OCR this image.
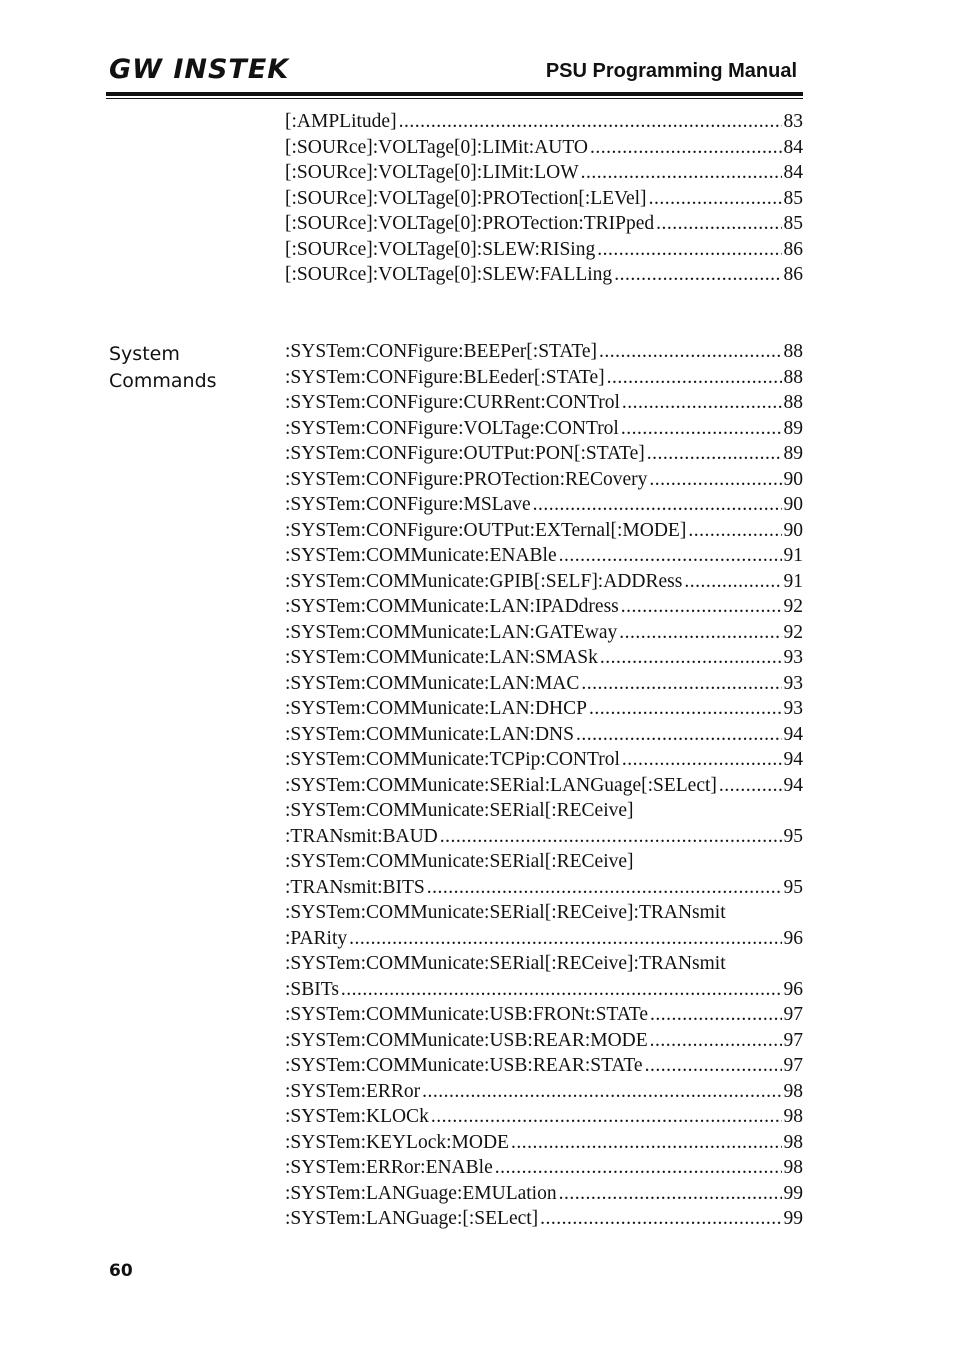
GW INSTEK	PSU Programming Manual
[:AMPLitude] .....	83
[:SOURce]:VOLTage[0]:LIMit:AUTO .....	84
[:SOURce]:VOLTage[0]:LIMit:LOW .....	84
[:SOURce]:VOLTage[0]:PROTection[:LEVel] .....	85
[:SOURce]:VOLTage[0]:PROTection:TRIPped .....	85
[:SOURce]:VOLTage[0]:SLEW:RISing .....	86
[:SOURce]:VOLTage[0]:SLEW:FALLing .....	86
System
Commands
:SYSTem:CONFigure:BEEPer[:STATe] .....	88
:SYSTem:CONFigure:BLEeder[:STATe] .....	88
:SYSTem:CONFigure:CURRent:CONTrol .....	88
:SYSTem:CONFigure:VOLTage:CONTrol .....	89
:SYSTem:CONFigure:OUTPut:PON[:STATe] .....	89
:SYSTem:CONFigure:PROTection:RECovery .....	90
:SYSTem:CONFigure:MSLave .....	90
:SYSTem:CONFigure:OUTPut:EXTernal[:MODE] .....	90
:SYSTem:COMMunicate:ENABle .....	91
:SYSTem:COMMunicate:GPIB[:SELF]:ADDRess .....	91
:SYSTem:COMMunicate:LAN:IPADdress .....	92
:SYSTem:COMMunicate:LAN:GATEway .....	92
:SYSTem:COMMunicate:LAN:SMASk .....	93
:SYSTem:COMMunicate:LAN:MAC .....	93
:SYSTem:COMMunicate:LAN:DHCP .....	93
:SYSTem:COMMunicate:LAN:DNS .....	94
:SYSTem:COMMunicate:TCPip:CONTrol .....	94
:SYSTem:COMMunicate:SERial:LANGuage[:SELect] .....	94
:SYSTem:COMMunicate:SERial[:RECeive]
:TRANsmit:BAUD .....	95
:SYSTem:COMMunicate:SERial[:RECeive]
:TRANsmit:BITS .....	95
:SYSTem:COMMunicate:SERial[:RECeive]:TRANsmit
:PARity .....	96
:SYSTem:COMMunicate:SERial[:RECeive]:TRANsmit
:SBITs .....	96
:SYSTem:COMMunicate:USB:FRONt:STATe .....	97
:SYSTem:COMMunicate:USB:REAR:MODE .....	97
:SYSTem:COMMunicate:USB:REAR:STATe .....	97
:SYSTem:ERRor .....	98
:SYSTem:KLOCk .....	98
:SYSTem:KEYLock:MODE .....	98
:SYSTem:ERRor:ENABle .....	98
:SYSTem:LANGuage:EMULation .....	99
:SYSTem:LANGuage:[:SELect] .....	99
60
